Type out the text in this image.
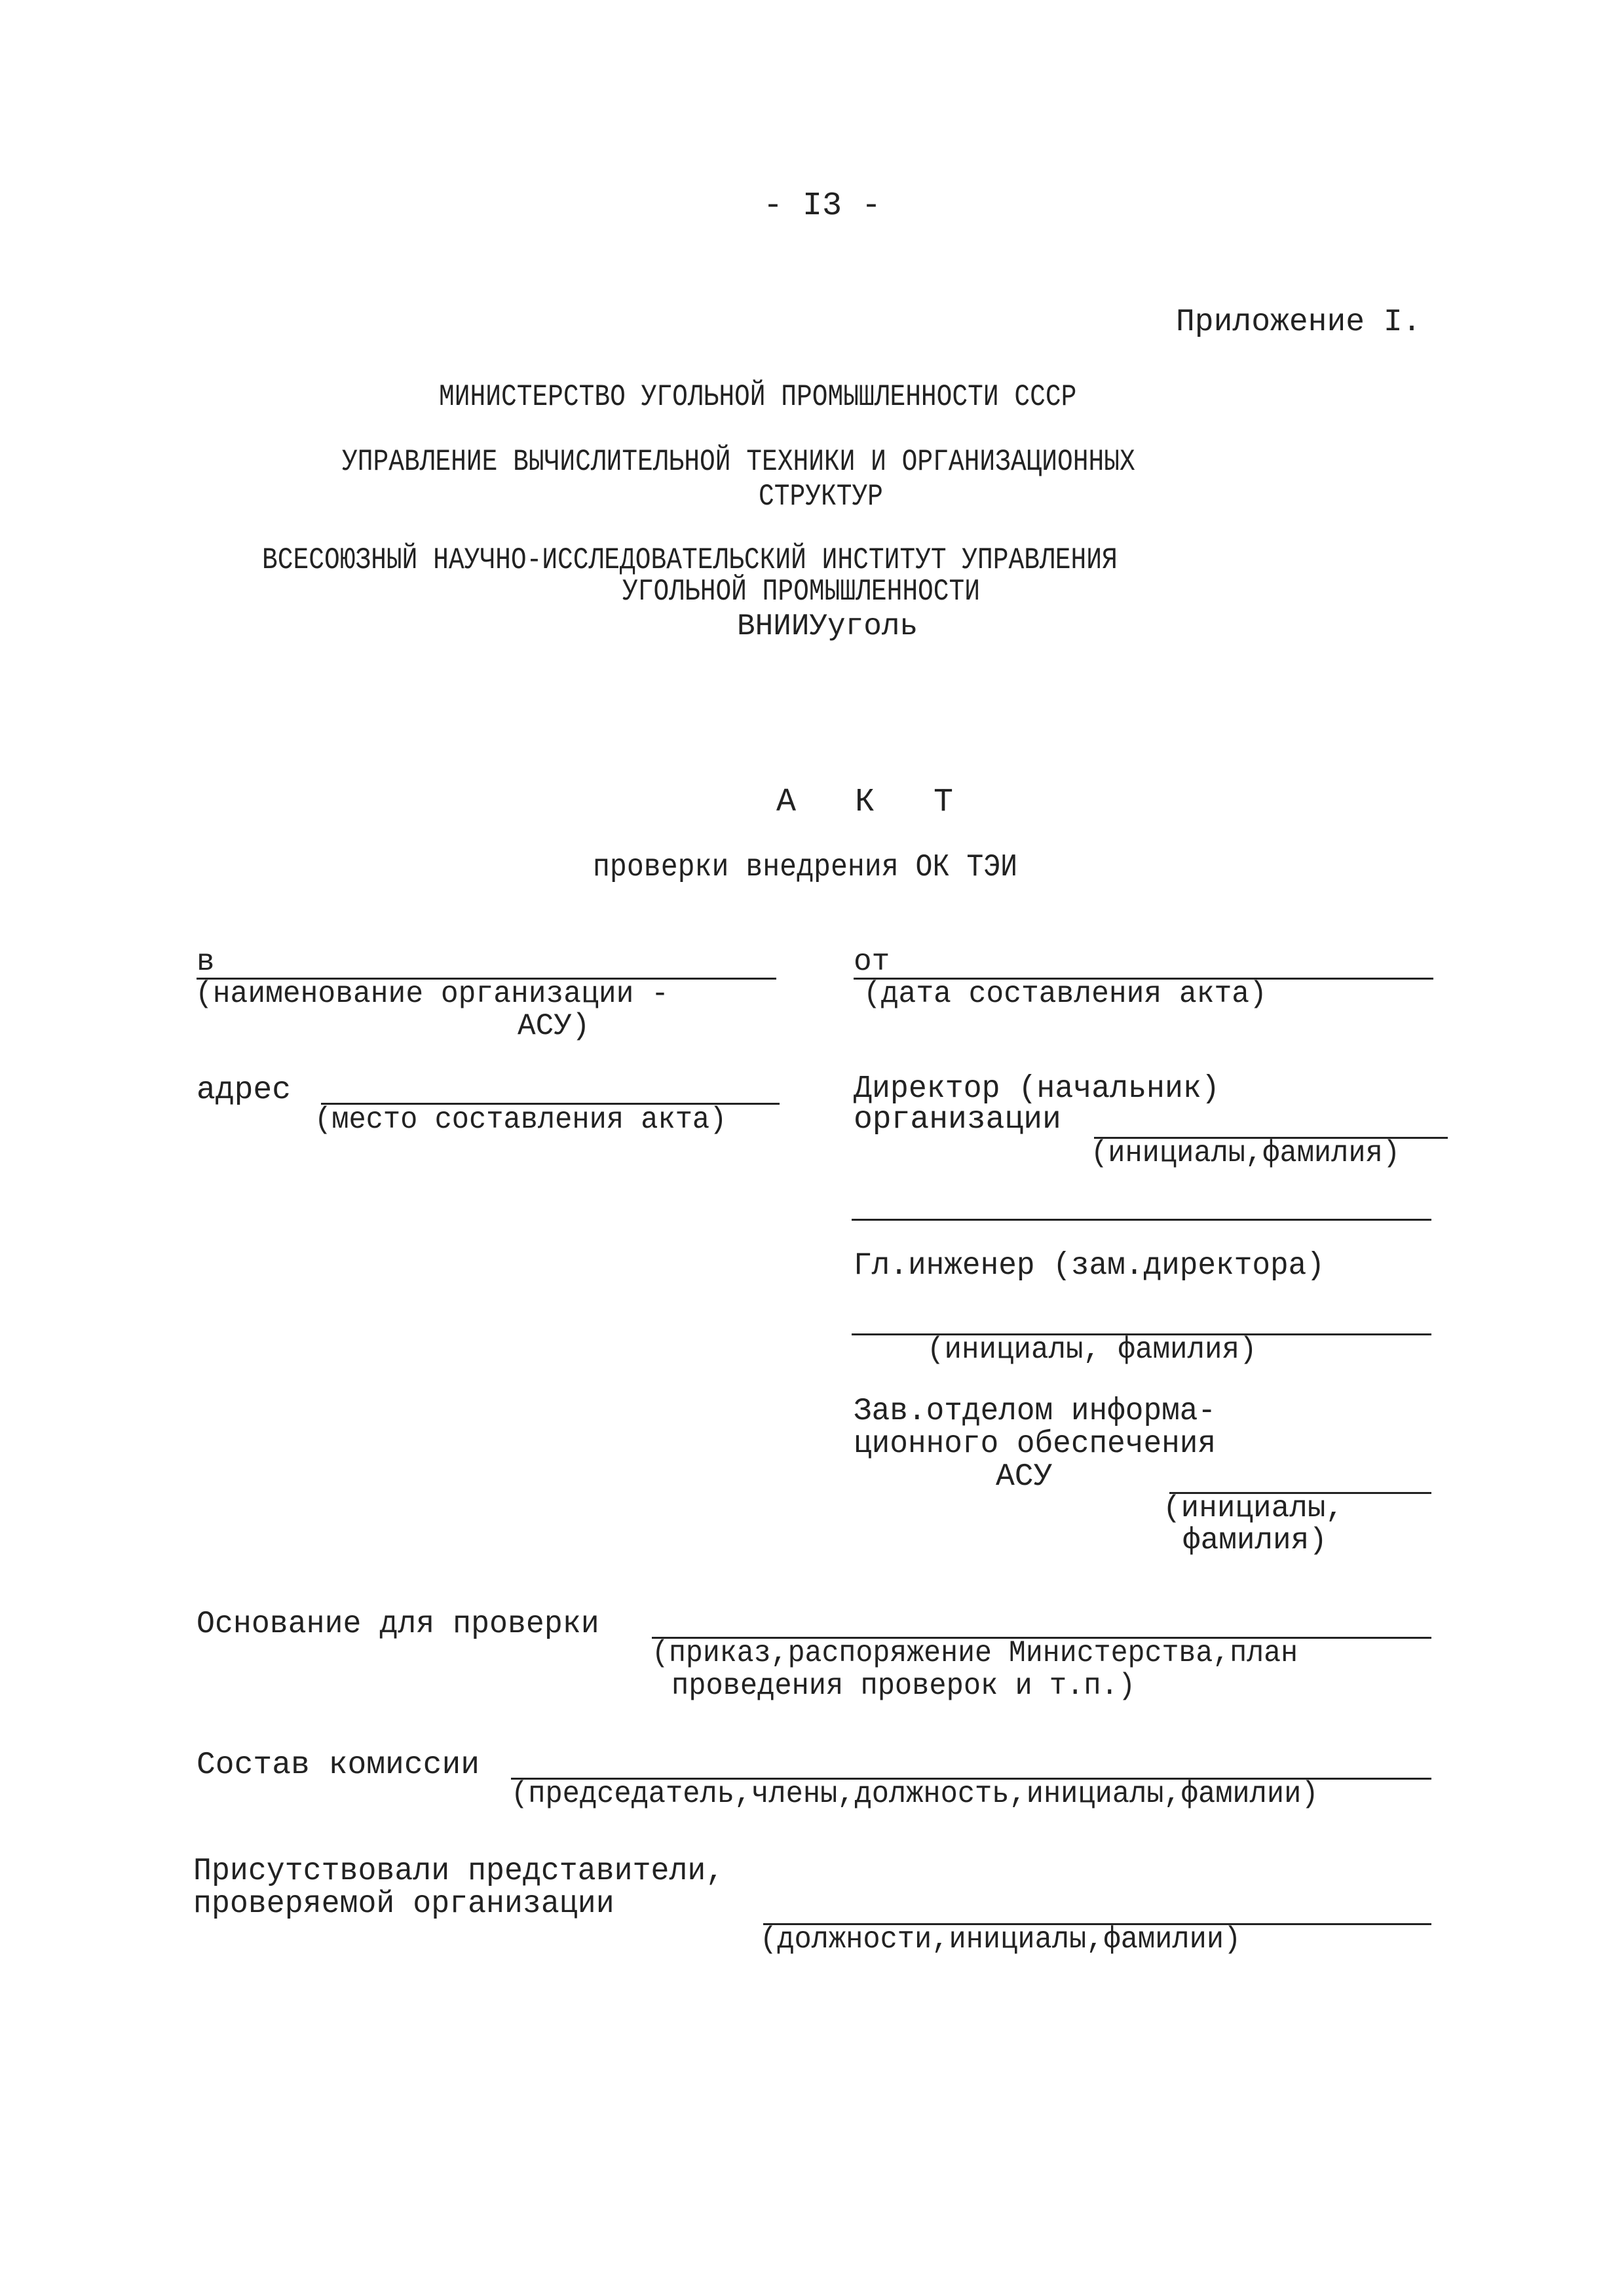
- I3 -
Приложение I.
МИНИСТЕРСТВО УГОЛЬНОЙ ПРОМЫШЛЕННОСТИ СССР
УПРАВЛЕНИЕ ВЫЧИСЛИТЕЛЬНОЙ ТЕХНИКИ И ОРГАНИЗАЦИОННЫХ
СТРУКТУР
ВСЕСОЮЗНЫЙ НАУЧНО-ИССЛЕДОВАТЕЛЬСКИЙ ИНСТИТУТ УПРАВЛЕНИЯ
УГОЛЬНОЙ ПРОМЫШЛЕННОСТИ
ВНИИУуголь
А К Т
проверки внедрения ОК ТЭИ
в
(наименование организации -
АСУ)
адрес
(место составления акта)
от
(дата составления акта)
Директор (начальник)
организации
(инициалы,фамилия)
Гл.инженер (зам.директора)
(инициалы, фамилия)
Зав.отделом информа-
ционного обеспечения
АСУ
(инициалы,
фамилия)
Основание для проверки
(приказ,распоряжение Министерства,план
проведения проверок и т.п.)
Состав комиссии
(председатель,члены,должность,инициалы,фамилии)
Присутствовали представители,
проверяемой организации
(должности,инициалы,фамилии)
